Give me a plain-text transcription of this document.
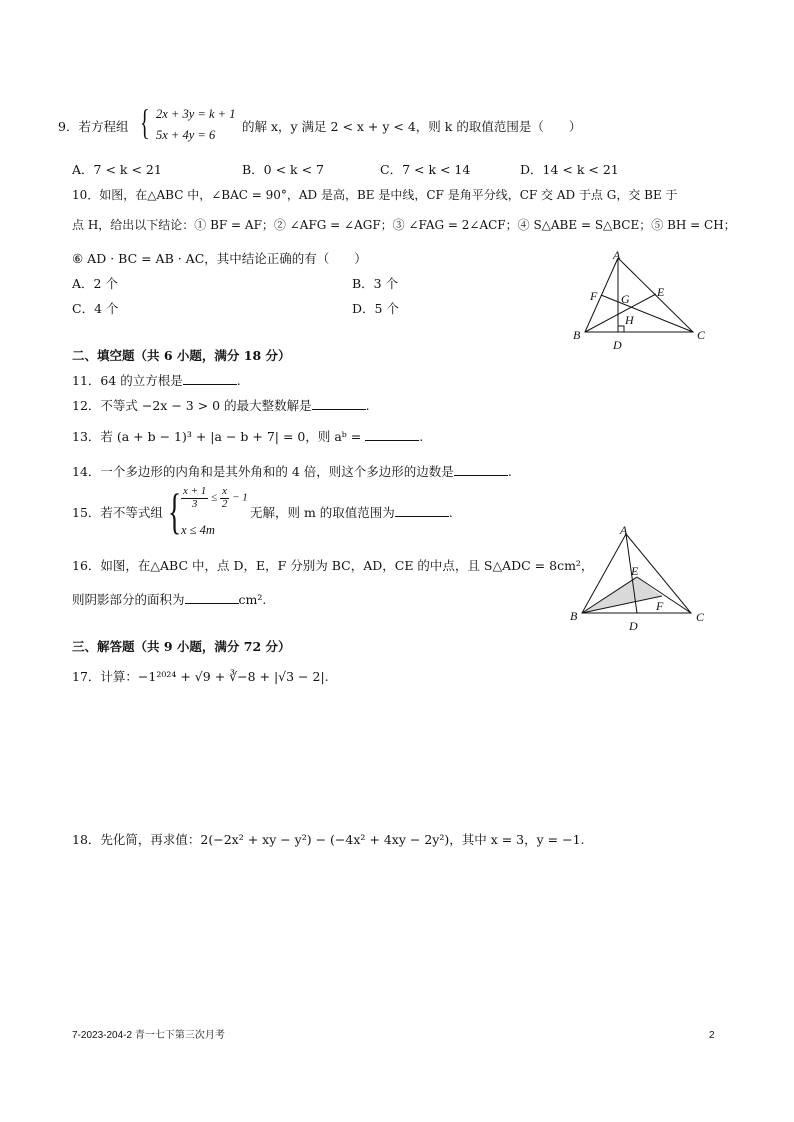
9．若方程组 { 2x + 3y = k + 1
5x + 4y = 6
的解 x，y 满足 2 < x + y < 4，则 k 的取值范围是（　　）
A．7 < k < 21	B．0 < k < 7	C．7 < k < 14	D．14 < k < 21
10．如图，在△ABC 中，∠BAC = 90°，AD 是高，BE 是中线，CF 是角平分线，CF 交 AD 于点 G，交 BE 于
点 H，给出以下结论：① BF = AF；② ∠AFG = ∠AGF；③ ∠FAG = 2∠ACF；④ S△ABE = S△BCE；⑤ BH = CH；
⑥ AD · BC = AB · AC，其中结论正确的有（　　）
A．2 个	B．3 个
C．4 个	D．5 个
A
B	C
D
E
F G
H
二、填空题（共 6 小题，满分 18 分）
11．64 的立方根是	.
12．不等式 −2x − 3 > 0 的最大整数解是	.
13．若 (a + b − 1)³ + |a − b + 7| = 0，则 aᵇ =	.
14．一个多边形的内角和是其外角和的 4 倍，则这个多边形的边数是	.
15．若不等式组 { $\frac{x + 1}{3} \le \frac{x}{2} - 1$
x ≤ 4m
无解，则 m 的取值范围为	.
16．如图，在△ABC 中，点 D，E，F 分别为 BC，AD，CE 的中点，且 S△ADC = 8cm²，
则阴影部分的面积为	cm².
A
B	C
D
E
F
三、解答题（共 9 小题，满分 72 分）
17．计算：−1²⁰²⁴ + √9 + ∛−8 + |√3 − 2|.
18．先化简，再求值：2(−2x² + xy − y²) − (−4x² + 4xy − 2y²)，其中 x = 3，y = −1.
7-2023-204-2 青一七下第三次月考	2
